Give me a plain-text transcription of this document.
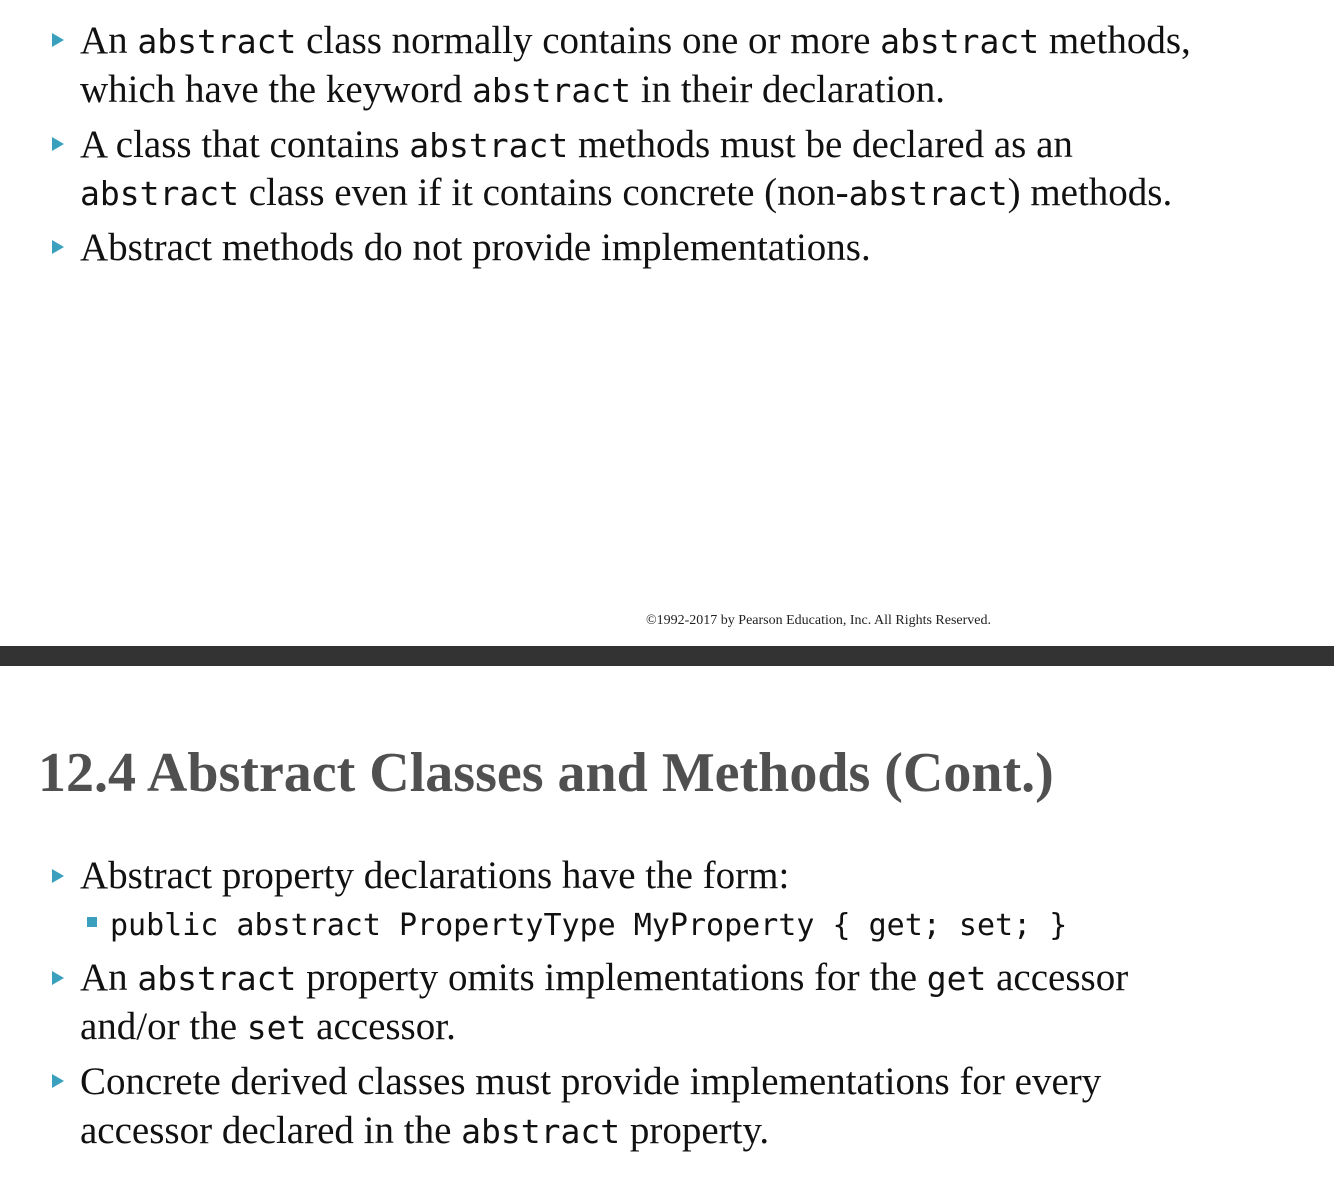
An abstract class normally contains one or more abstract methods,
which have the keyword abstract in their declaration.
A class that contains abstract methods must be declared as an
abstract class even if it contains concrete (non-abstract) methods.
Abstract methods do not provide implementations.
©1992-2017 by Pearson Education, Inc. All Rights Reserved.
12.4 Abstract Classes and Methods (Cont.)
Abstract property declarations have the form:
public abstract PropertyType MyProperty { get; set; }
An abstract property omits implementations for the get accessor
and/or the set accessor.
Concrete derived classes must provide implementations for every
accessor declared in the abstract property.
